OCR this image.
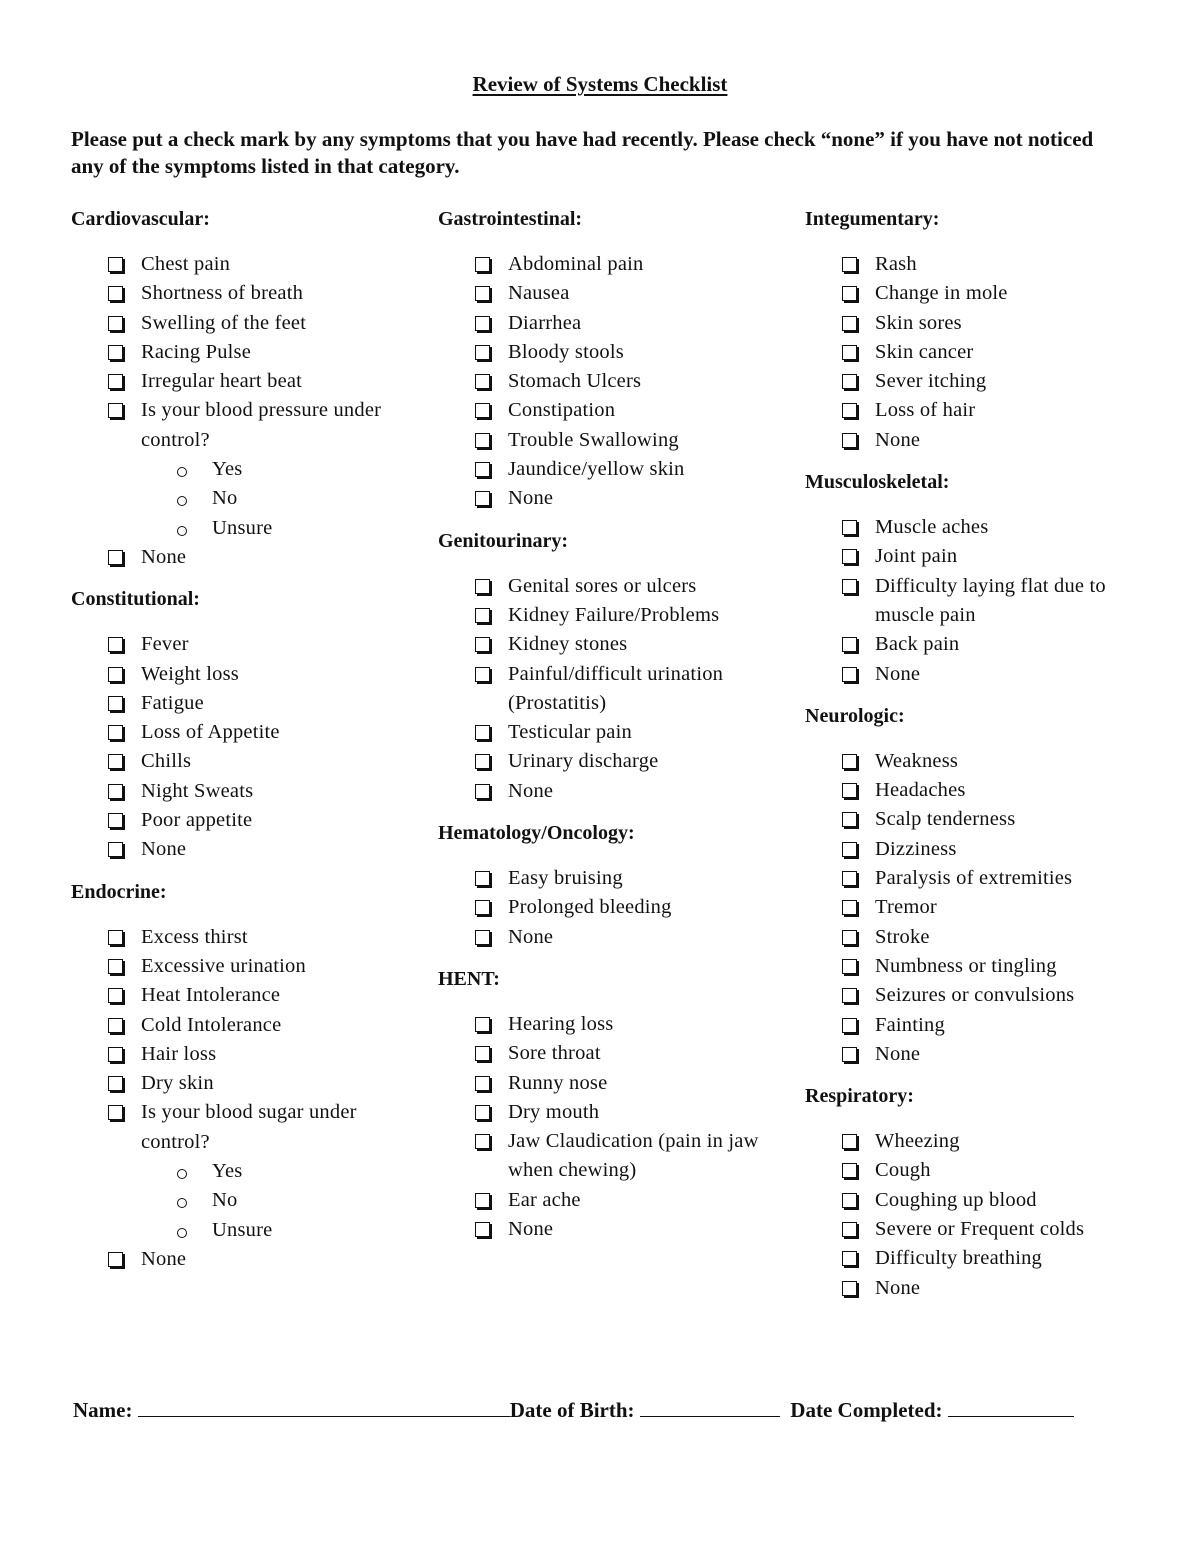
Review of Systems Checklist
Please put a check mark by any symptoms that you have had recently. Please check “none” if you have not noticed any of the symptoms listed in that category.
Cardiovascular:
Chest pain
Shortness of breath
Swelling of the feet
Racing Pulse
Irregular heart beat
Is your blood pressure under control?
Yes
No
Unsure
None
Constitutional:
Fever
Weight loss
Fatigue
Loss of Appetite
Chills
Night Sweats
Poor appetite
None
Endocrine:
Excess thirst
Excessive urination
Heat Intolerance
Cold Intolerance
Hair loss
Dry skin
Is your blood sugar under control?
Yes
No
Unsure
None
Gastrointestinal:
Abdominal pain
Nausea
Diarrhea
Bloody stools
Stomach Ulcers
Constipation
Trouble Swallowing
Jaundice/yellow skin
None
Genitourinary:
Genital sores or ulcers
Kidney Failure/Problems
Kidney stones
Painful/difficult urination (Prostatitis)
Testicular pain
Urinary discharge
None
Hematology/Oncology:
Easy bruising
Prolonged bleeding
None
HENT:
Hearing loss
Sore throat
Runny nose
Dry mouth
Jaw Claudication (pain in jaw when chewing)
Ear ache
None
Integumentary:
Rash
Change in mole
Skin sores
Skin cancer
Sever itching
Loss of hair
None
Musculoskeletal:
Muscle aches
Joint pain
Difficulty laying flat due to muscle pain
Back pain
None
Neurologic:
Weakness
Headaches
Scalp tenderness
Dizziness
Paralysis of extremities
Tremor
Stroke
Numbness or tingling
Seizures or convulsions
Fainting
None
Respiratory:
Wheezing
Cough
Coughing up blood
Severe or Frequent colds
Difficulty breathing
None
Name:	Date of Birth:	Date Completed:
